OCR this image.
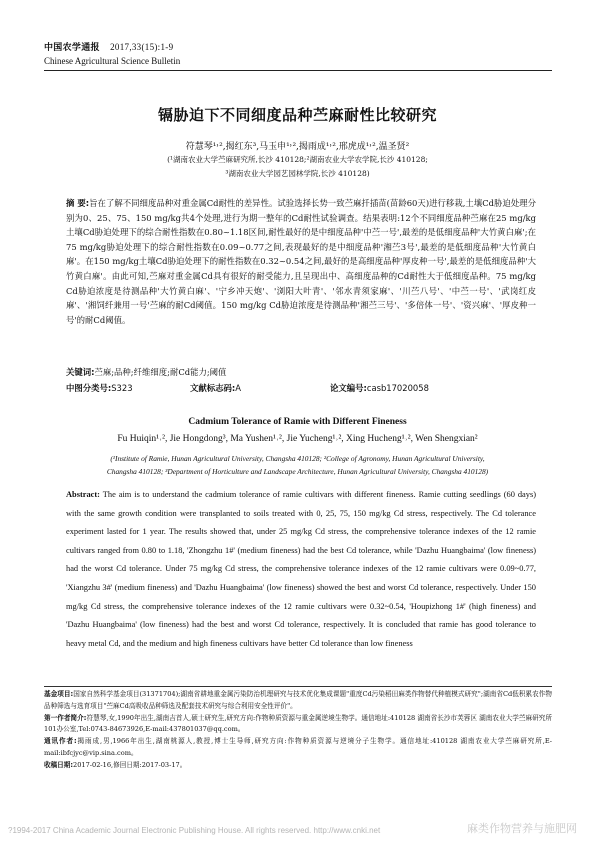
中国农学通报 2017,33(15):1-9
Chinese Agricultural Science Bulletin
镉胁迫下不同细度品种苎麻耐性比较研究
符慧琴¹˒²,揭红东³,马玉申¹˒²,揭雨成¹˒²,邢虎成¹˒²,温圣贤²
(¹湖南农业大学苎麻研究所,长沙 410128;²湖南农业大学农学院,长沙 410128;
³湖南农业大学园艺园林学院,长沙 410128)
摘 要:旨在了解不同细度品种对重金属Cd耐性的差异性。试验选择长势一致苎麻扦插苗(苗龄60天)进行移栽,土壤Cd胁迫处理分别为0、25、75、150 mg/kg共4个处理,进行为期一整年的Cd耐性试验调查。结果表明:12个不同细度品种苎麻在25 mg/kg土壤Cd胁迫处理下的综合耐性指数在0.80~1.18区间,耐性最好的是中细度品种'中苎一号',最差的是低细度品种'大竹黄白麻';在75 mg/kg胁迫处理下的综合耐性指数在0.09~0.77之间,表现最好的是中细度品种'湘苎3号',最差的是低细度品种'大竹黄白麻'。在150 mg/kg土壤Cd胁迫处理下的耐性指数在0.32~0.54之间,最好的是高细度品种'厚皮种一号',最差的是低细度品种'大竹黄白麻'。由此可知,苎麻对重金属Cd具有很好的耐受能力,且呈现出中、高细度品种的Cd耐性大于低细度品种。75 mg/kg Cd胁迫浓度是待测品种'大竹黄白麻'、'宁乡冲天炮'、'浏阳大叶青'、'邻水青须家麻'、'川苎八号'、'中苎一号'、'武岗红皮麻'、'湘饲纤兼用一号'苎麻的耐Cd阈值。150 mg/kg Cd胁迫浓度是待测品种'湘苎三号'、'多倍体一号'、'资兴麻'、'厚皮种一号'的耐Cd阈值。
关键词:苎麻;品种;纤维细度;耐Cd能力;阈值
中图分类号:S323	文献标志码:A	论文编号:casb17020058
Cadmium Tolerance of Ramie with Different Fineness
Fu Huiqin¹˒², Jie Hongdong³, Ma Yushen¹˒², Jie Yucheng¹˒², Xing Hucheng¹˒², Wen Shengxian²
(¹Institute of Ramie, Hunan Agricultural University, Changsha 410128; ²College of Agronomy, Hunan Agricultural University,
Changsha 410128; ³Department of Horticulture and Landscape Architecture, Hunan Agricultural University, Changsha 410128)
Abstract: The aim is to understand the cadmium tolerance of ramie cultivars with different fineness. Ramie cutting seedlings (60 days) with the same growth condition were transplanted to soils treated with 0, 25, 75, 150 mg/kg Cd stress, respectively. The Cd tolerance experiment lasted for 1 year. The results showed that, under 25 mg/kg Cd stress, the comprehensive tolerance indexes of the 12 ramie cultivars ranged from 0.80 to 1.18, 'Zhongzhu 1#' (medium fineness) had the best Cd tolerance, while 'Dazhu Huangbaima' (low fineness) had the worst Cd tolerance. Under 75 mg/kg Cd stress, the comprehensive tolerance indexes of the 12 ramie cultivars were 0.09~0.77, 'Xiangzhu 3#' (medium fineness) and 'Dazhu Huangbaima' (low fineness) showed the best and worst Cd tolerance, respectively. Under 150 mg/kg Cd stress, the comprehensive tolerance indexes of the 12 ramie cultivars were 0.32~0.54, 'Houpizhong 1#' (high fineness) and 'Dazhu Huangbaima' (low fineness) had the best and worst Cd tolerance, respectively. It is concluded that ramie has good tolerance to heavy metal Cd, and the medium and high fineness cultivars have better Cd tolerance than low fineness
基金项目:国家自然科学基金项目(31371704);湖南省耕地重金属污染防治机理研究与技术优化集成课题"重度Cd污染稻田麻类作物替代种植模式研究";湖南省Cd低积累农作物品种筛选与选育项目"苎麻Cd高吸收品种筛选及配套技术研究与综合利用安全性评价"。
第一作者简介:符慧琴,女,1990年出生,湖南吉首人,硕士研究生,研究方向:作物种质资源与重金属逆境生物学。通信地址:410128 湖南省长沙市芙蓉区 湖南农业大学苎麻研究所101办公室,Tel:0743-8467392​6,E-mail:437801037@qq.com。
通讯作者:揭雨成,男,1966年出生,湖南桃源人,教授,博士生导师,研究方向:作物种质资源与逆境分子生物学。通信地址:410128 湖南农业大学苎麻研究所,E-mail:ibfcjyc@vip.sina.com。
收稿日期:2017-02-16,修回日期:2017-03-17。
?1994-2017 China Academic Journal Electronic Publishing House. All rights reserved. http://www.cnki.net	麻类作物营养与施肥网
